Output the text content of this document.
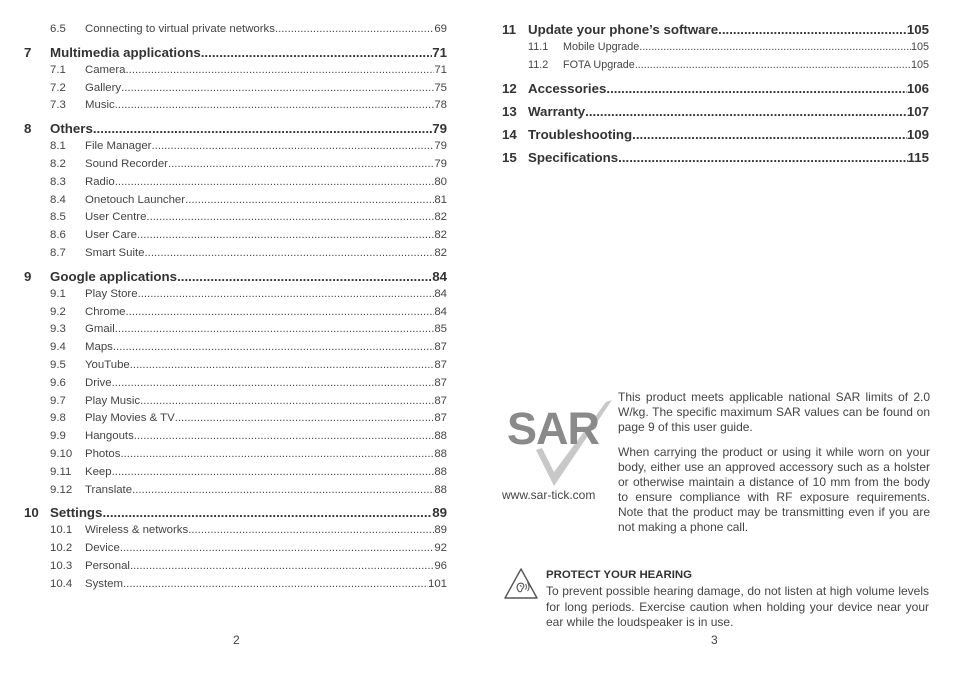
6.5	Connecting to virtual private networks .....	69
7	Multimedia applications .....	71
7.1	Camera .....	71
7.2	Gallery .....	75
7.3	Music .....	78
8	Others .....	79
8.1	File Manager .....	79
8.2	Sound Recorder .....	79
8.3	Radio .....	80
8.4	Onetouch Launcher .....	81
8.5	User Centre .....	82
8.6	User Care .....	82
8.7	Smart Suite .....	82
9	Google applications .....	84
9.1	Play Store .....	84
9.2	Chrome .....	84
9.3	Gmail .....	85
9.4	Maps .....	87
9.5	YouTube .....	87
9.6	Drive .....	87
9.7	Play Music .....	87
9.8	Play Movies & TV .....	87
9.9	Hangouts .....	88
9.10	Photos .....	88
9.11	Keep .....	88
9.12	Translate .....	88
10 Settings .....	89
10.1	Wireless & networks .....	89
10.2	Device .....	92
10.3	Personal .....	96
10.4	System .....	101
2
11 Update your phone’s software .....	105
11.1	Mobile Upgrade .....	105
11.2	FOTA Upgrade .....	105
12 Accessories .....	106
13 Warranty .....	107
14 Troubleshooting .....	109
15 Specifications .....	115
3
SAR
www.sar-tick.com
This product meets applicable national SAR limits of 2.0 W/kg. The specific maximum SAR values can be found on page 9 of this user guide.
When carrying the product or using it while worn on your body, either use an approved accessory such as a holster or otherwise maintain a distance of 10 mm from the body to ensure compliance with RF exposure requirements. Note that the product may be transmitting even if you are not making a phone call.
PROTECT YOUR HEARING
To prevent possible hearing damage, do not listen at high volume levels for long periods. Exercise caution when holding your device near your ear while the loudspeaker is in use.
